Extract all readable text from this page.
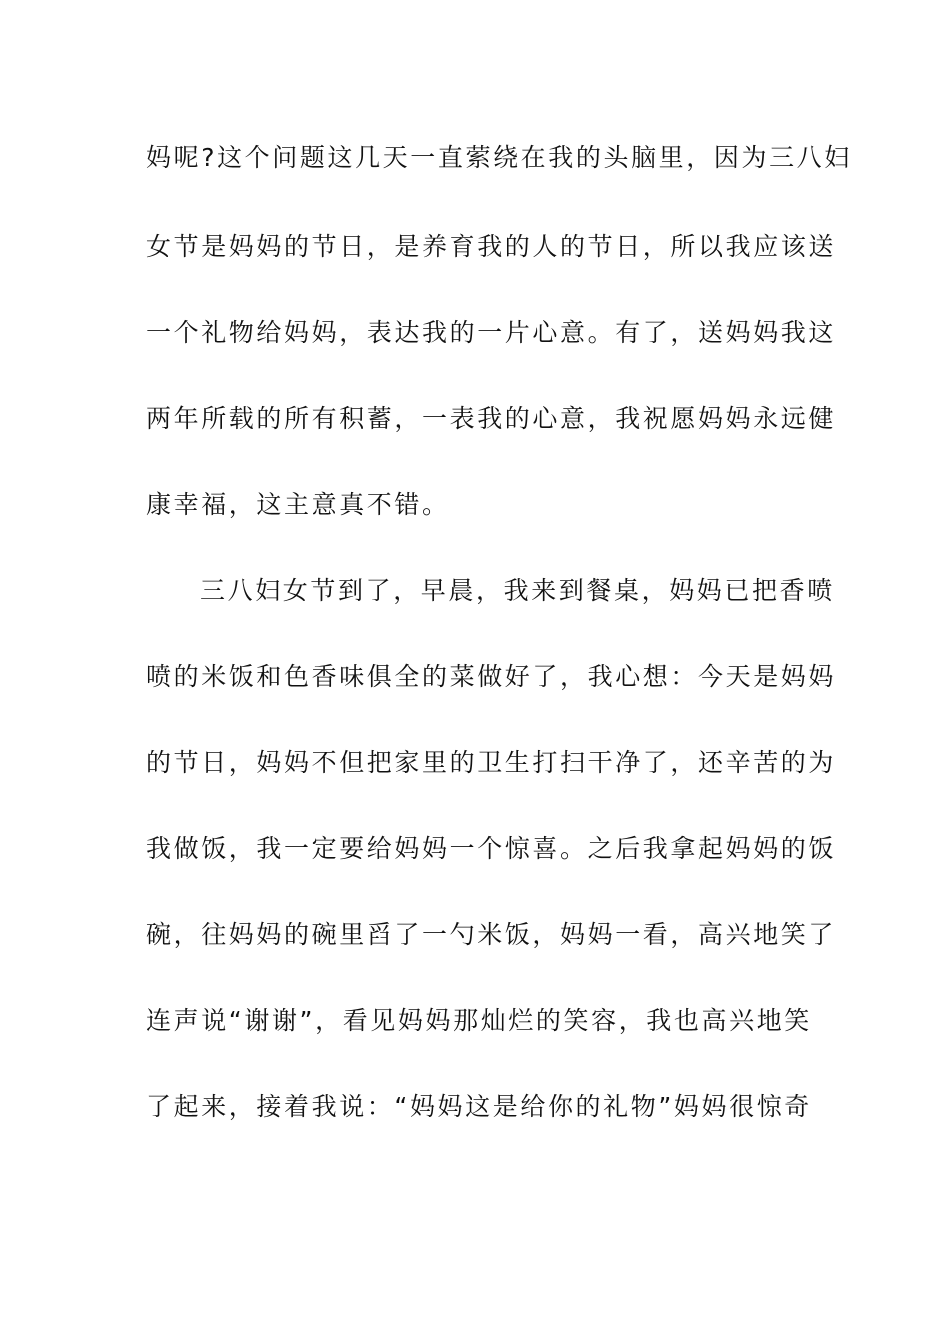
妈呢?这个问题这几天一直萦绕在我的头脑里，因为三八妇
女节是妈妈的节日，是养育我的人的节日，所以我应该送
一个礼物给妈妈，表达我的一片心意。有了，送妈妈我这
两年所载的所有积蓄，一表我的心意，我祝愿妈妈永远健
康幸福，这主意真不错。
三八妇女节到了，早晨，我来到餐桌，妈妈已把香喷
喷的米饭和色香味俱全的菜做好了，我心想：今天是妈妈
的节日，妈妈不但把家里的卫生打扫干净了，还辛苦的为
我做饭，我一定要给妈妈一个惊喜。之后我拿起妈妈的饭
碗，往妈妈的碗里舀了一勺米饭，妈妈一看，高兴地笑了
连声说“谢谢”，看见妈妈那灿烂的笑容，我也高兴地笑
了起来，接着我说：“妈妈这是给你的礼物”妈妈很惊奇
